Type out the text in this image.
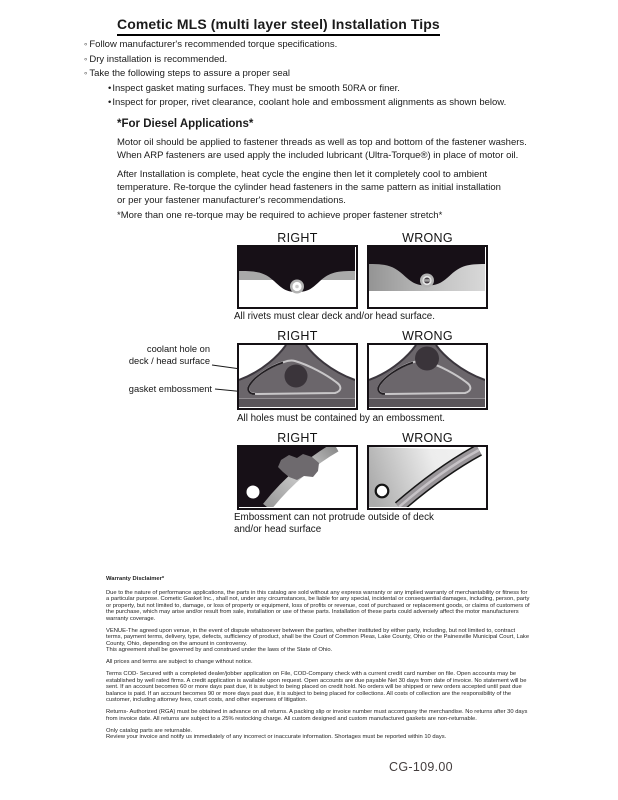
Cometic MLS (multi layer steel) Installation Tips
◦ Follow manufacturer's recommended torque specifications.
◦ Dry installation is recommended.
◦ Take the following steps to assure a proper seal
•Inspect gasket mating surfaces. They must be smooth 50RA or finer.
•Inspect for proper, rivet clearance, coolant hole and embossment alignments as shown below.
*For Diesel Applications*
Motor oil should be applied to fastener threads as well as top and bottom of the fastener washers.
When ARP fasteners are used apply the included lubricant (Ultra-Torque®) in place of motor oil.
After Installation is complete, heat cycle the engine then let it completely cool to ambient
temperature. Re-torque the cylinder head fasteners in the same pattern as initial installation
or per your fastener manufacturer's recommendations.
*More than one re-torque may be required to achieve proper fastener stretch*
RIGHT	WRONG
All rivets must clear deck and/or head surface.
RIGHT	WRONG
coolant hole on
deck / head surface
gasket embossment
All holes must be contained by an embossment.
RIGHT	WRONG
Embossment can not protrude outside of deck
and/or head surface
Warranty Disclaimer*

Due to the nature of performance applications, the parts in this catalog are sold without any express warranty or any implied warranty of merchantability or fitness for a particular purpose. Cometic Gasket Inc., shall not, under any circumstances, be liable for any special, incidental or consequential damages, including, person, party or property, but not limited to, damage, or loss of property or equipment, loss of profits or revenue, cost of purchased or replacement goods, or claims of customers of the purchase, which may arise and/or result from sale, installation or use of these parts. Installation of these parts could adversely affect the motor manufacturers warranty coverage.

VENUE-The agreed upon venue, in the event of dispute whatsoever between the parties, whether instituted by either party, including, but not limited to, contract terms, payment terms, delivery, type, defects, sufficiency of product, shall be the Court of Common Pleas, Lake County, Ohio or the Painesville Municipal Court, Lake County, Ohio, depending on the amount in controversy.

This agreement shall be governed by and construed under the laws of the State of Ohio.

All prices and terms are subject to change without notice.

Terms COD- Secured with a completed dealer/jobber application on File, COD-Company check with a current credit card number on file. Open accounts may be established by well rated firms. A credit application is available upon request. Open accounts are due payable Net 30 days from date of invoice. No statement will be sent. If an account becomes 60 or more days past due, it is subject to being placed on credit hold. No orders will be shipped or new orders accepted until past due balance is paid. If an account becomes 90 or more days past due, it is subject to being placed for collections. All costs of collection are the responsibility of the customer, including attorney fees, court costs, and other expenses of litigation.

Returns- Authorized (RGA) must be obtained in advance on all returns. A packing slip or invoice number must accompany the merchandise. No returns after 30 days from invoice date. All returns are subject to a 25% restocking charge. All custom designed and custom manufactured gaskets are non-returnable.

Only catalog parts are returnable.

Review your invoice and notify us immediately of any incorrect or inaccurate information. Shortages must be reported within 10 days.

CG-109.00
